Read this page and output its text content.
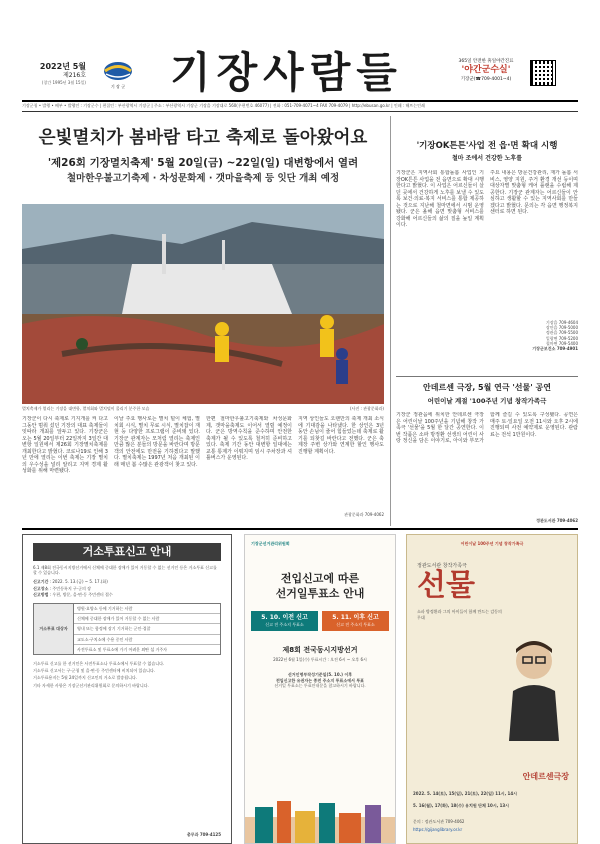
2022년 5월
제216호
(창간 1995년 3월 15일)
기 장 군	기장사람들	365일 안전한 휴일야간진료
'야간군수실'
기장군(☎709-4001~4)
기장군청 • 발행 • 배부 • 발행인 : 기장군수 | 편집인 : 부산광역시 기장군 | 주소 : 부산광역시 기장군 기장읍 기장대로 560(우편번호 46077) | 전화 : 051-709-4071~4 FAX 709-4079 | http://ebusan.go.kr | 인쇄 : 해뜨는인쇄
은빛멸치가 봄바람 타고 축제로 돌아왔어요
'제26회 기장멸치축제' 5월 20일(금) ~22일(일) 대변항에서 열려
철마한우불고기축제 · 차성문화제 · 갯마을축제 등 잇단 개최 예정
멸치축제가 열리는 기장읍 대변항, 멸치회와 멸치털이 몰리기 분주한 모습	(사진 : 관광문화과)
기장군이 다시 축제로 기지개를 켜 다고 그동안 멈춰 섰던 기장의 대표 축제들이 잇따라 개최를 앞두고 있다. 기장군은 오는 5월 20일부터 22일까지 3일간 대변항 일원에서 제26회 기장멸치축제를 개최한다고 밝혔다. 코로나19로 인해 3년 만에 열리는 이번 축제는 기장 멸치의 우수성을 널리 알리고 지역 경제 활성화를 위해 마련됐다.
이날 주요 행사로는 멸치 털이 체험, 멸치회 시식, 멸치 무료 시식, 멸치잡이 재현 등 다양한 프로그램이 준비돼 있다. 기장군 관계자는 모처럼 열리는 축제인 만큼 많은 분들의 방문을 바란다며 방문객의 안전에도 만전을 기하겠다고 말했다. 멸치축제는 1997년 처음 개최된 이래 매년 봄 수많은 관광객이 찾고 있다.
한편 철마한우불고기축제와 차성문화제, 갯마을축제도 이어서 열릴 예정이다. 군은 방역수칙을 준수하며 안전한 축제가 될 수 있도록 철저히 준비하고 있다. 축제 기간 동안 대변항 일대에는 교통 통제가 이뤄지며 임시 주차장과 셔틀버스가 운영된다.
지역 상인들도 오랜만의 축제 개최 소식에 기대감을 나타냈다. 한 상인은 3년 동안 손님이 줄어 힘들었는데 축제로 활기를 되찾길 바란다고 전했다. 군은 축제장 주변 상가와 연계한 할인 행사도 진행할 계획이다.
관광문화과 709-4062
'기장OK튼튼'사업 전 읍·면 확대 시행
철마 조에서 건강한 노후를
기장군은 지역사회 통합돌봄 사업인 기장OK튼튼 사업을 전 읍면으로 확대 시행한다고 밝혔다. 이 사업은 어르신들이 살던 곳에서 건강하게 노후를 보낼 수 있도록 보건·의료·복지 서비스를 통합 제공하는 것으로 지난해 철마면에서 시범 운영됐다. 군은 올해 읍면 맞춤형 서비스를 강화해 어르신들의 삶의 질을 높일 계획이다.
주요 내용은 방문건강관리, 재가 돌봄 서비스, 영양 지원, 주거 환경 개선 등이며 대상자별 맞춤형 케어 플랜을 수립해 제공한다. 기장군 관계자는 어르신들이 안심하고 생활할 수 있는 지역사회를 만들겠다고 밝혔다. 문의는 각 읍면 행정복지센터로 하면 된다.
기장읍 709-4604
장안읍 709-5000
정관읍 709-5500
일광면 709-5200
철마면 709-5400
기장군보건소 709-4901
안데르센 극장, 5월 연극 '선물' 공연
어린이날 계절 '100주년 기념 창작가족극
기장군 정관읍에 위치한 안데르센 극장은 어린이날 100주년을 기념해 창작 가족극 '선물'을 5월 한 달간 공연한다. 이번 작품은 소파 방정환 선생의 어린이 사랑 정신을 담은 이야기로, 아이와 부모가 함께 즐길 수 있도록 구성됐다. 공연은 매주 토·일요일 오전 11시와 오후 2시에 진행되며 사전 예약제로 운영된다. 관람료는 전석 1만원이다.
정관도서관 709-4062
거소투표신고 안내
6.1 제8회 전국동시지방선거에서 신체에 중대한 장애가 있어 거동할 수 없는 선거인 등은 거소투표 신고를 할 수 있습니다.
신고기간 : 2022. 5. 13.(금) ~ 5. 17.(화)
신고장소 : 주민등록지 구·군의 장
신고방법 : 우편, 방문, 읍·면·동 주민센터 접수
거소투표 대상자
병원·요양소 등에 기거하는 사람
신체에 중대한 장애가 있어 거동할 수 없는 사람
영내 또는 함정에 장기 기거하는 군인·경찰
교도소·구치소에 수용 중인 사람
사전투표소 및 투표소에 가기 어려운 외딴 섬 거주자
거소투표 신고를 한 선거인은 사전투표소나 투표소에서 투표할 수 없습니다.
거소투표 신고서는 구·군청 및 읍·면·동 주민센터에 비치되어 있습니다.
거소투표용지는 5월 24일까지 신고인의 거소로 발송됩니다.
기타 자세한 사항은 기장군선거관리위원회로 문의하시기 바랍니다.
총무과 709-4125
기장군선거관리위원회
전입신고에 따른
선거일투표소 안내
5. 10. 이전 신고
신고 전 주소지 투표소
5. 11. 이후 신고
신고 전 주소지 투표소
제8회 전국동시지방선거
2022년 6월 1일(수) 투표시간 : 오전 6시 ~ 오후 6시
선거인명부작성기준일(5. 10.) 이후
전입신고한 유권자는 종전 주소지 투표소에서 투표
선거일 투표소는 투표안내문을 참고하시기 바랍니다.
어린이날 100주년 기념 창작가족극
정관도서관 창작가족극
선물
소파 방정환과 그의 아이들이 함께 만드는 감동의 무대
안데르센극장
2022. 5. 14(토), 15(일), 21(토), 22(일) 11시, 14시
5. 16(월), 17(화), 18(수) 유치원 단체 10시, 13시
문의 : 정관도서관 709-4062
https://gijanglibrary.or.kr
